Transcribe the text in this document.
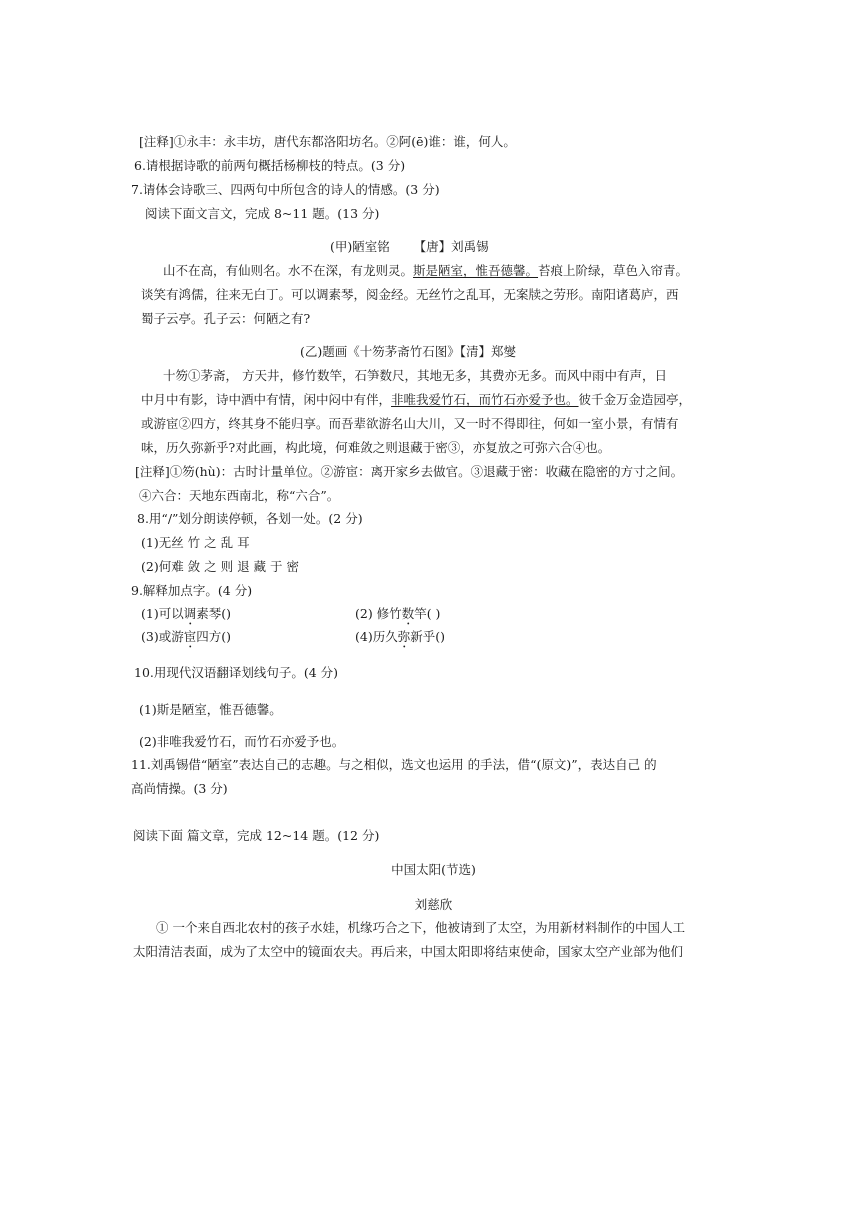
[注释]①永丰：永丰坊，唐代东都洛阳坊名。②阿(ē)谁：谁，何人。
6.请根据诗歌的前两句概括杨柳枝的特点。(3 分)
7.请体会诗歌三、四两句中所包含的诗人的情感。(3 分)
阅读下面文言文，完成 8~11 题。(13 分)
(甲)陋室铭 【唐】刘禹锡
山不在高，有仙则名。水不在深，有龙则灵。斯是陋室，惟吾德馨。苔痕上阶绿，草色入帘青。
谈笑有鸿儒，往来无白丁。可以调素琴，阅金经。无丝竹之乱耳，无案牍之劳形。南阳诸葛庐，西
蜀子云亭。孔子云：何陋之有?
(乙)题画《十笏茅斋竹石图》【清】郑燮
十笏①茅斋， 方天井，修竹数竿，石笋数尺，其地无多，其费亦无多。而风中雨中有声，日
中月中有影，诗中酒中有情，闲中闷中有伴，非唯我爱竹石，而竹石亦爱予也。彼千金万金造园亭，
或游宦②四方，终其身不能归享。而吾辈欲游名山大川，又一时不得即往，何如一室小景，有情有
味，历久弥新乎?对此画，构此境，何难敛之则退藏于密③，亦复放之可弥六合④也。
[注释]①笏(hù)：古时计量单位。②游宦：离开家乡去做官。③退藏于密：收藏在隐密的方寸之间。
④六合：天地东西南北，称“六合”。
8.用“/”划分朗读停顿，各划一处。(2 分)
(1)无丝 竹 之 乱 耳
(2)何难 敛 之 则 退 藏 于 密
9.解释加点字。(4 分)
(1)可以调素琴()	(2) 修竹数竿( )
(3)或游宦四方()	(4)历久弥新乎()
10.用现代汉语翻译划线句子。(4 分)
(1)斯是陋室，惟吾德馨。
(2)非唯我爱竹石，而竹石亦爱予也。
11.刘禹锡借“陋室”表达自己的志趣。与之相似，选文也运用 的手法，借“(原文)”，表达自己 的
高尚情操。(3 分)
阅读下面 篇文章，完成 12~14 题。(12 分)
中国太阳(节选)
刘慈欣
① 一个来自西北农村的孩子水娃，机缘巧合之下，他被请到了太空，为用新材料制作的中国人工
太阳清洁表面，成为了太空中的镜面农夫。再后来，中国太阳即将结束使命，国家太空产业部为他们
